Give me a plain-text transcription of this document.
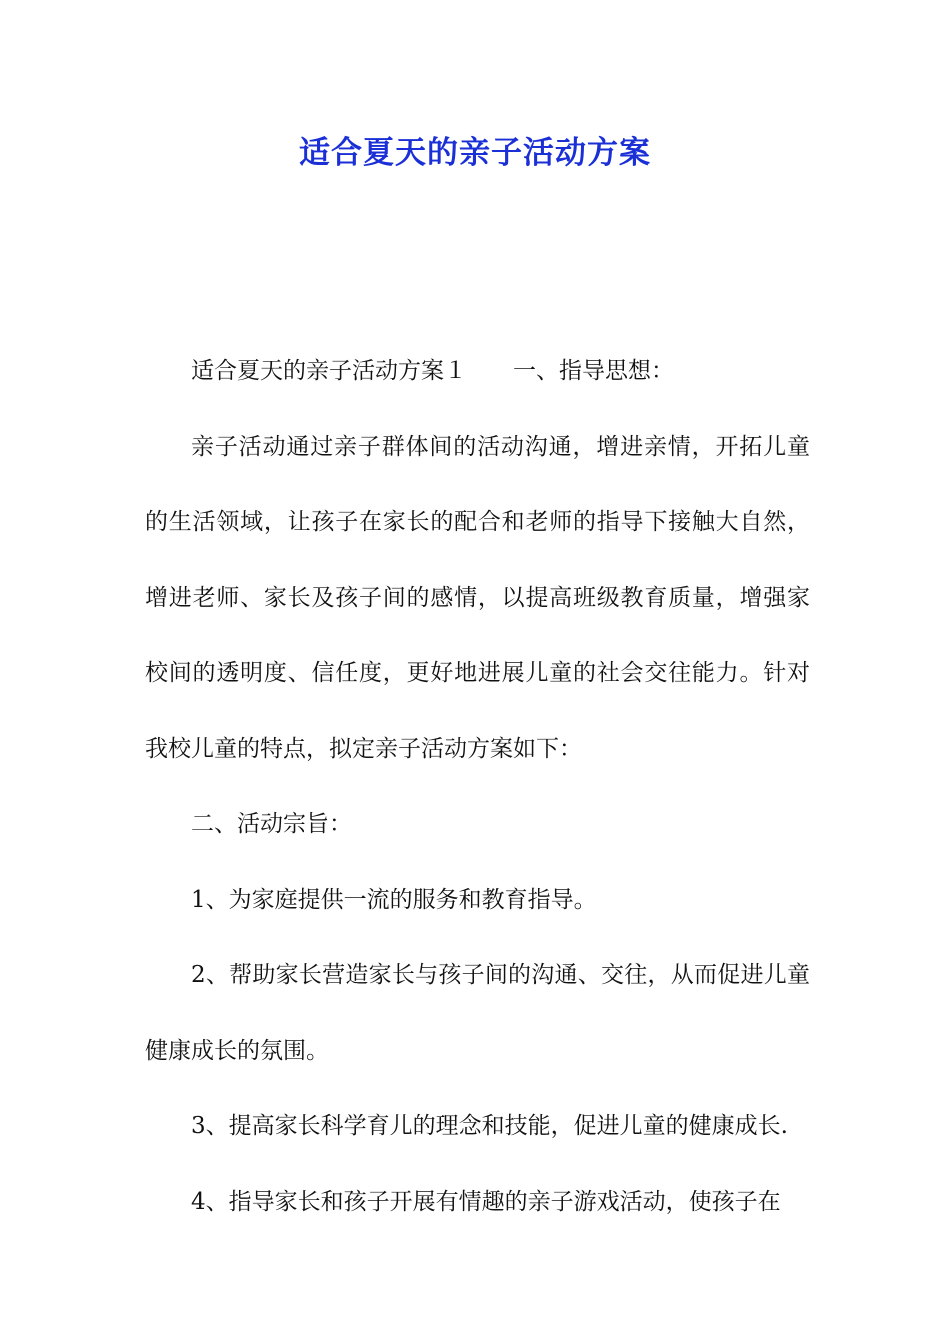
适合夏天的亲子活动方案

适合夏天的亲子活动方案１ 一、指导思想：

亲子活动通过亲子群体间的活动沟通，增进亲情，开拓儿童的生活领域，让孩子在家长的配合和老师的指导下接触大自然，增进老师、家长及孩子间的感情，以提高班级教育质量，增强家校间的透明度、信任度，更好地进展儿童的社会交往能力。针对我校儿童的特点，拟定亲子活动方案如下：

二、活动宗旨：

1、为家庭提供一流的服务和教育指导。

2、帮助家长营造家长与孩子间的沟通、交往，从而促进儿童健康成长的氛围。

3、提高家长科学育儿的理念和技能，促进儿童的健康成长.

4、指导家长和孩子开展有情趣的亲子游戏活动，使孩子在
